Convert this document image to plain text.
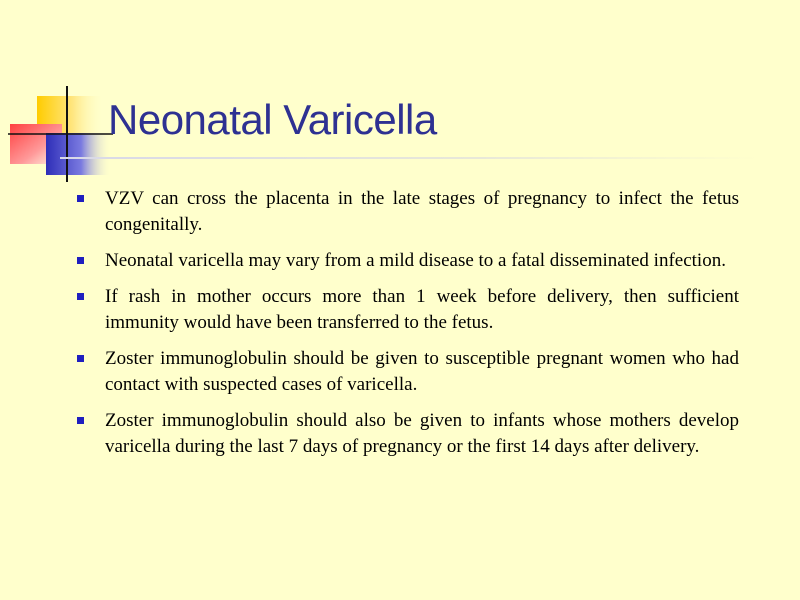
Neonatal Varicella
VZV can cross the placenta in the late stages of pregnancy to infect the fetus congenitally.
Neonatal varicella may vary from a mild disease to a fatal disseminated infection.
If rash in mother occurs more than 1 week before delivery, then sufficient immunity would have been transferred to the fetus.
Zoster immunoglobulin should be given to susceptible pregnant women who had contact with suspected cases of varicella.
Zoster immunoglobulin should also be given to infants whose mothers develop varicella during the last 7 days of pregnancy or the first 14 days after delivery.
